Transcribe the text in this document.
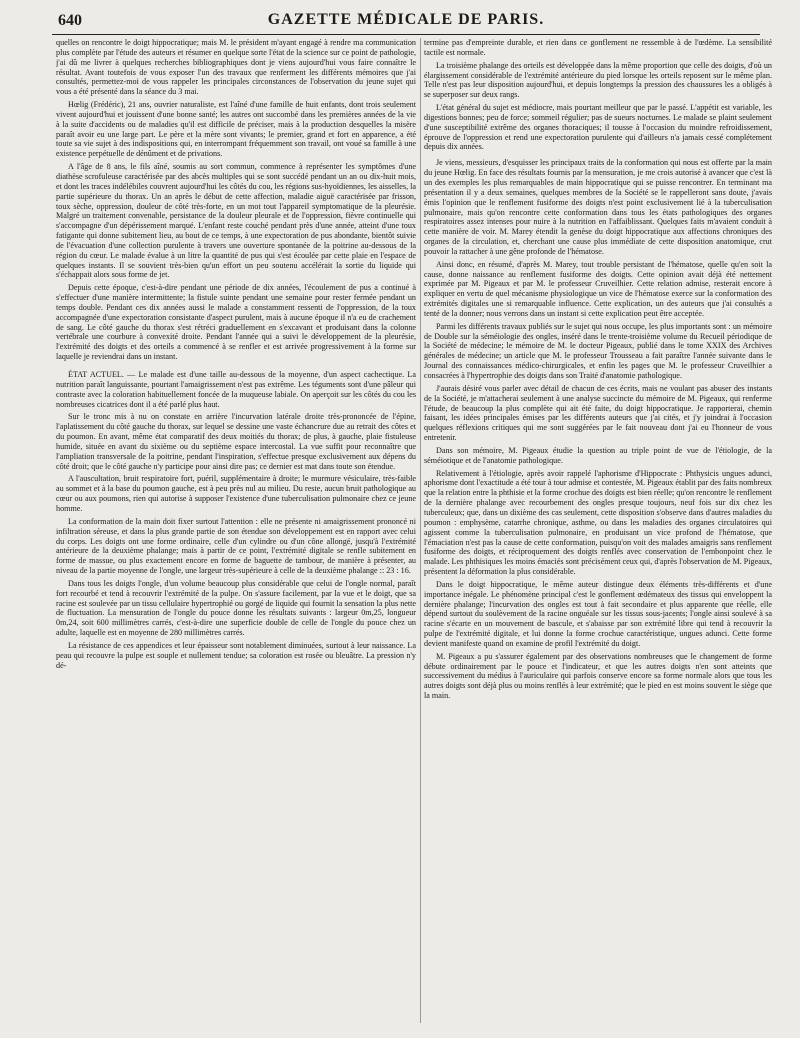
640	GAZETTE MÉDICALE DE PARIS.

quelles on rencontre le doigt hippocratique; mais M. le président m'ayant engagé à rendre ma communication plus complète par l'étude des auteurs et résumer en quelque sorte l'état de la science sur ce point de pathologie, j'ai dû me livrer à quelques recherches bibliographiques dont je viens aujourd'hui vous faire connaître le résultat. Avant toutefois de vous exposer l'un des travaux que renferment les différents mémoires que j'ai consultés, permettez-moi de vous rappeler les principales circonstances de l'observation du jeune sujet qui vous a été présenté dans la séance du 3 mai.

Hœlig (Frédéric), 21 ans, ouvrier naturaliste, est l'aîné d'une famille de huit enfants, dont trois seulement vivent aujourd'hui et jouissent d'une bonne santé; les autres ont succombé dans les premières années de la vie à la suite d'accidents ou de maladies qu'il est difficile de préciser, mais à la production desquelles la misère paraît avoir eu une large part. Le père et la mère sont vivants; le premier, grand et fort en apparence, a été toute sa vie sujet à des indispositions qui, en interrompant fréquemment son travail, ont voué sa famille à une existence perpétuelle de dénûment et de privations.

A l'âge de 8 ans, le fils aîné, soumis au sort commun, commence à représenter les symptômes d'une diathèse scrofuleuse caractérisée par des abcès multiples qui se sont succédé pendant un an ou dix-huit mois, et dont les traces indélébiles couvrent aujourd'hui les côtés du cou, les régions sus-hyoïdiennes, les aisselles, la partie supérieure du thorax. Un an après le début de cette affection, maladie aiguë caractérisée par frisson, toux sèche, oppression, douleur de côté très-forte, en un mot tout l'appareil symptomatique de la pleurésie. Malgré un traitement convenable, persistance de la douleur pleurale et de l'oppression, fièvre continuelle qui s'accompagne d'un dépérissement marqué. L'enfant reste couché pendant près d'une année, atteint d'une toux fatigante qui donne subitement lieu, au bout de ce temps, à une expectoration de pus abondante, bientôt suivie de l'évacuation d'une collection purulente à travers une ouverture spontanée de la poitrine au-dessous de la région du cœur. Le malade évalue à un litre la quantité de pus qui s'est écoulée par cette plaie en l'espace de quelques instants. Il se souvient très-bien qu'un effort un peu soutenu accélérait la sortie du liquide qui s'échappait alors sous forme de jet.

Depuis cette époque, c'est-à-dire pendant une période de dix années, l'écoulement de pus a continué à s'effectuer d'une manière intermittente; la fistule suinte pendant une semaine pour rester fermée pendant un temps double. Pendant ces dix années aussi le malade a constamment ressenti de l'oppression, de la toux accompagnée d'une expectoration consistante d'aspect purulent, mais à aucune époque il n'a eu de crachement de sang. Le côté gauche du thorax s'est rétréci graduellement en s'excavant et produisant dans la colonne vertébrale une courbure à convexité droite. Pendant l'année qui a suivi le développement de la pleurésie, l'extrémité des doigts et des orteils a commencé à se renfler et est arrivée progressivement à la forme sur laquelle je reviendrai dans un instant.

ÉTAT ACTUEL. — Le malade est d'une taille au-dessous de la moyenne, d'un aspect cachectique. La nutrition paraît languissante, pourtant l'amaigrissement n'est pas extrême. Les téguments sont d'une pâleur qui contraste avec la coloration habituellement foncée de la muqueuse labiale. On aperçoit sur les côtés du cou les nombreuses cicatrices dont il a été parlé plus haut.

Sur le tronc mis à nu on constate en arrière l'incurvation latérale droite très-prononcée de l'épine, l'aplatissement du côté gauche du thorax, sur lequel se dessine une vaste échancrure due au retrait des côtes et du poumon. En avant, même état comparatif des deux moitiés du thorax; de plus, à gauche, plaie fistuleuse humide, située en avant du sixième ou du septième espace intercostal. La vue suffit pour reconnaître que l'ampliation transversale de la poitrine, pendant l'inspiration, s'effectue presque exclusivement aux dépens du côté droit; que le côté gauche n'y participe pour ainsi dire pas; ce dernier est mat dans toute son étendue.

A l'auscultation, bruit respiratoire fort, puéril, supplémentaire à droite; le murmure vésiculaire, très-faible au sommet et à la base du poumon gauche, est à peu près nul au milieu. Du reste, aucun bruit pathologique au cœur ou aux poumons, rien qui autorise à supposer l'existence d'une tuberculisation pulmonaire chez ce jeune homme.

La conformation de la main doit fixer surtout l'attention : elle ne présente ni amaigrissement prononcé ni infiltration séreuse, et dans la plus grande partie de son étendue son développement est en rapport avec celui du corps. Les doigts ont une forme ordinaire, celle d'un cylindre ou d'un cône allongé, jusqu'à l'extrémité antérieure de la deuxième phalange; mais à partir de ce point, l'extrémité digitale se renfle subitement en forme de massue, ou plus exactement encore en forme de baguette de tambour, de manière à présenter, au niveau de la partie moyenne de l'ongle, une largeur très-supérieure à celle de la deuxième phalange :: 23 : 16.

Dans tous les doigts l'ongle, d'un volume beaucoup plus considérable que celui de l'ongle normal, paraît fort recourbé et tend à recouvrir l'extrémité de la pulpe. On s'assure facilement, par la vue et le doigt, que sa racine est soulevée par un tissu cellulaire hypertrophié ou gorgé de liquide qui fournit la sensation la plus nette de fluctuation. La mensuration de l'ongle du pouce donne les résultats suivants : largeur 0m,25, longueur 0m,24, soit 600 millimètres carrés, c'est-à-dire une superficie double de celle de l'ongle du pouce chez un adulte, laquelle est en moyenne de 280 millimètres carrés.

La résistance de ces appendices et leur épaisseur sont notablement diminuées, surtout à leur naissance. La peau qui recouvre la pulpe est souple et nullement tendue; sa coloration est rosée ou bleuâtre. La pression n'y dé-

termine pas d'empreinte durable, et rien dans ce gonflement ne ressemble à de l'œdème. La sensibilité tactile est normale.

La troisième phalange des orteils est développée dans la même proportion que celle des doigts, d'où un élargissement considérable de l'extrémité antérieure du pied lorsque les orteils reposent sur le même plan. Telle n'est pas leur disposition aujourd'hui, et depuis longtemps la pression des chaussures les a obligés à se superposer sur deux rangs.

L'état général du sujet est médiocre, mais pourtant meilleur que par le passé. L'appétit est variable, les digestions bonnes; peu de force; sommeil régulier; pas de sueurs nocturnes. Le malade se plaint seulement d'une susceptibilité extrême des organes thoraciques; il tousse à l'occasion du moindre refroidissement, éprouve de l'oppression et rend une expectoration purulente qui d'ailleurs n'a jamais cessé complétement depuis dix années.

Je viens, messieurs, d'esquisser les principaux traits de la conformation qui nous est offerte par la main du jeune Hœlig. En face des résultats fournis par la mensuration, je me crois autorisé à avancer que c'est là un des exemples les plus remarquables de main hippocratique qui se puisse rencontrer. En terminant ma présentation il y a deux semaines, quelques membres de la Société se le rappelleront sans doute, j'avais émis l'opinion que le renflement fusiforme des doigts n'est point exclusivement lié à la tuberculisation pulmonaire, mais qu'on rencontre cette conformation dans tous les états pathologiques des organes respiratoires assez intenses pour nuire à la nutrition en l'affaiblissant. Quelques faits m'avaient conduit à cette manière de voir. M. Marey étendit la genèse du doigt hippocratique aux affections chroniques des organes de la circulation, et, cherchant une cause plus immédiate de cette disposition anatomique, crut pouvoir la rattacher à une gêne profonde de l'hématose.

Ainsi donc, en résumé, d'après M. Marey, tout trouble persistant de l'hématose, quelle qu'en soit la cause, donne naissance au renflement fusiforme des doigts. Cette opinion avait déjà été nettement exprimée par M. Pigeaux et par M. le professeur Cruveilhier. Cette relation admise, resterait encore à expliquer en vertu de quel mécanisme physiologique un vice de l'hématose exerce sur la conformation des extrémités digitales une si remarquable influence. Cette explication, un des auteurs que j'ai consultés a tenté de la donner; nous verrons dans un instant si cette explication peut être acceptée.

Parmi les différents travaux publiés sur le sujet qui nous occupe, les plus importants sont : un mémoire de Double sur la séméiologie des ongles, inséré dans le trente-troisième volume du Recueil périodique de la Société de médecine; le mémoire de M. le docteur Pigeaux, publié dans le tome XXIX des Archives générales de médecine; un article que M. le professeur Trousseau a fait paraître l'année suivante dans le Journal des connaissances médico-chirurgicales, et enfin les pages que M. le professeur Cruveilhier a consacrées à l'hypertrophie des doigts dans son Traité d'anatomie pathologique.

J'aurais désiré vous parler avec détail de chacun de ces écrits, mais ne voulant pas abuser des instants de la Société, je m'attacherai seulement à une analyse succincte du mémoire de M. Pigeaux, qui renferme l'étude, de beaucoup la plus complète qui ait été faite, du doigt hippocratique. Je rapporterai, chemin faisant, les idées principales émises par les différents auteurs que j'ai cités, et j'y joindrai à l'occasion quelques réflexions critiques qui me sont suggérées par le fait nouveau dont j'ai eu l'honneur de vous entretenir.

Dans son mémoire, M. Pigeaux étudie la question au triple point de vue de l'étiologie, de la séméiotique et de l'anatomie pathologique.

Relativement à l'étiologie, après avoir rappelé l'aphorisme d'Hippocrate : Phthysicis ungues adunci, aphorisme dont l'exactitude a été tour à tour admise et contestée, M. Pigeaux établit par des faits nombreux que la relation entre la phthisie et la forme crochue des doigts est bien réelle; qu'on rencontre le renflement de la dernière phalange avec recourbement des ongles presque toujours, neuf fois sur dix chez les tuberculeux; que, dans un dixième des cas seulement, cette disposition s'observe dans d'autres maladies du poumon : emphysème, catarrhe chronique, asthme, ou dans les maladies des organes circulatoires qui agissent comme la tuberculisation pulmonaire, en produisant un vice profond de l'hématose, que l'émaciation n'est pas la cause de cette conformation, puisqu'on voit des malades amaigris sans renflement fusiforme des doigts, et réciproquement des doigts renflés avec conservation de l'embonpoint chez le malade. Les phthisiques les moins émaciés sont précisément ceux qui, d'après l'observation de M. Pigeaux, présentent la déformation la plus considérable.

Dans le doigt hippocratique, le même auteur distingue deux éléments très-différents et d'une importance inégale. Le phénomène principal c'est le gonflement œdémateux des tissus qui enveloppent la dernière phalange; l'incurvation des ongles est tout à fait secondaire et plus apparente que réelle, elle dépend surtout du soulèvement de la racine onguéale sur les tissus sous-jacents; l'ongle ainsi soulevé à sa racine s'écarte en un mouvement de bascule, et s'abaisse par son extrémité libre qui tend à recouvrir la pulpe de l'extrémité digitale, et lui donne la forme crochue caractéristique, ungues adunci. Cette forme devient manifeste quand on examine de profil l'extrémité du doigt.

M. Pigeaux a pu s'assurer également par des observations nombreuses que le changement de forme débute ordinairement par le pouce et l'indicateur, et que les autres doigts n'en sont atteints que successivement du médius à l'auriculaire qui parfois conserve encore sa forme normale alors que tous les autres doigts sont déjà plus ou moins renflés à leur extrémité; que le pied en est moins souvent le siège que la main.
